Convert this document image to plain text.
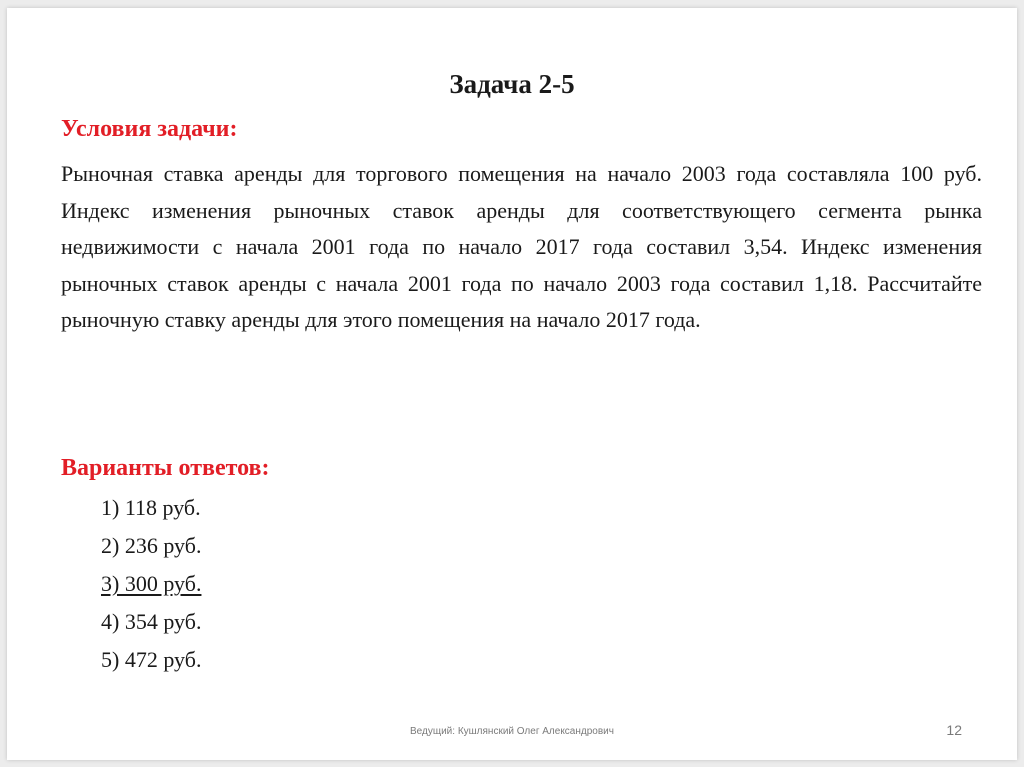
Задача 2-5
Условия задачи:

Рыночная ставка аренды для торгового помещения на начало 2003 года составляла 100 руб. Индекс изменения рыночных ставок аренды для соответствующего сегмента рынка недвижимости с начала 2001 года по начало 2017 года составил 3,54. Индекс изменения рыночных ставок аренды с начала 2001 года по начало 2003 года составил 1,18. Рассчитайте рыночную ставку аренды для этого помещения на начало 2017 года.

Варианты ответов:
1) 118 руб.
2) 236 руб.
3) 300 руб.
4) 354 руб.
5) 472 руб.
Ведущий: Кушлянский Олег Александрович	12
